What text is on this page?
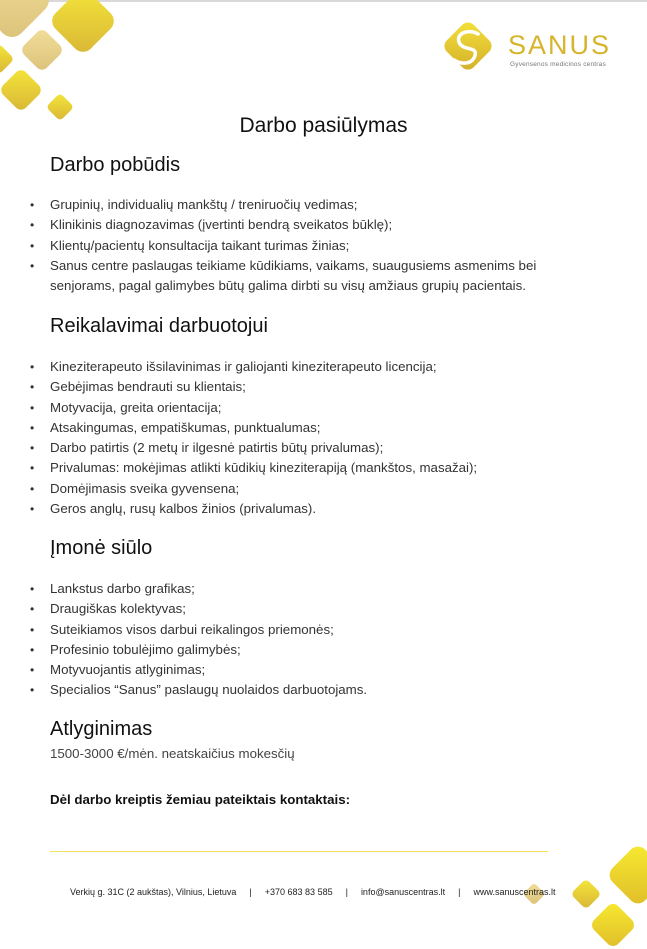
SANUS
Gyvensenos medicinos centras
Darbo pasiūlymas
Darbo pobūdis
• Grupinių, individualių mankštų / treniruočių vedimas;
• Klinikinis diagnozavimas (įvertinti bendrą sveikatos būklę);
• Klientų/pacientų konsultacija taikant turimas žinias;
• Sanus centre paslaugas teikiame kūdikiams, vaikams, suaugusiems asmenims bei senjorams, pagal galimybes būtų galima dirbti su visų amžiaus grupių pacientais.
Reikalavimai darbuotojui
• Kineziterapeuto išsilavinimas ir galiojanti kineziterapeuto licencija;
• Gebėjimas bendrauti su klientais;
• Motyvacija, greita orientacija;
• Atsakingumas, empatiškumas, punktualumas;
• Darbo patirtis (2 metų ir ilgesnė patirtis būtų privalumas);
• Privalumas: mokėjimas atlikti kūdikių kineziterapiją (mankštos, masažai);
• Domėjimasis sveika gyvensena;
• Geros anglų, rusų kalbos žinios (privalumas).
Įmonė siūlo
• Lankstus darbo grafikas;
• Draugiškas kolektyvas;
• Suteikiamos visos darbui reikalingos priemonės;
• Profesinio tobulėjimo galimybės;
• Motyvuojantis atlyginimas;
• Specialios “Sanus” paslaugų nuolaidos darbuotojams.
Atlyginimas
1500-3000 €/mėn. neatskaičius mokesčių
Dėl darbo kreiptis žemiau pateiktais kontaktais:
Verkių g. 31C (2 aukštas), Vilnius, Lietuva | +370 683 83 585 | info@sanuscentras.lt | www.sanuscentras.lt
